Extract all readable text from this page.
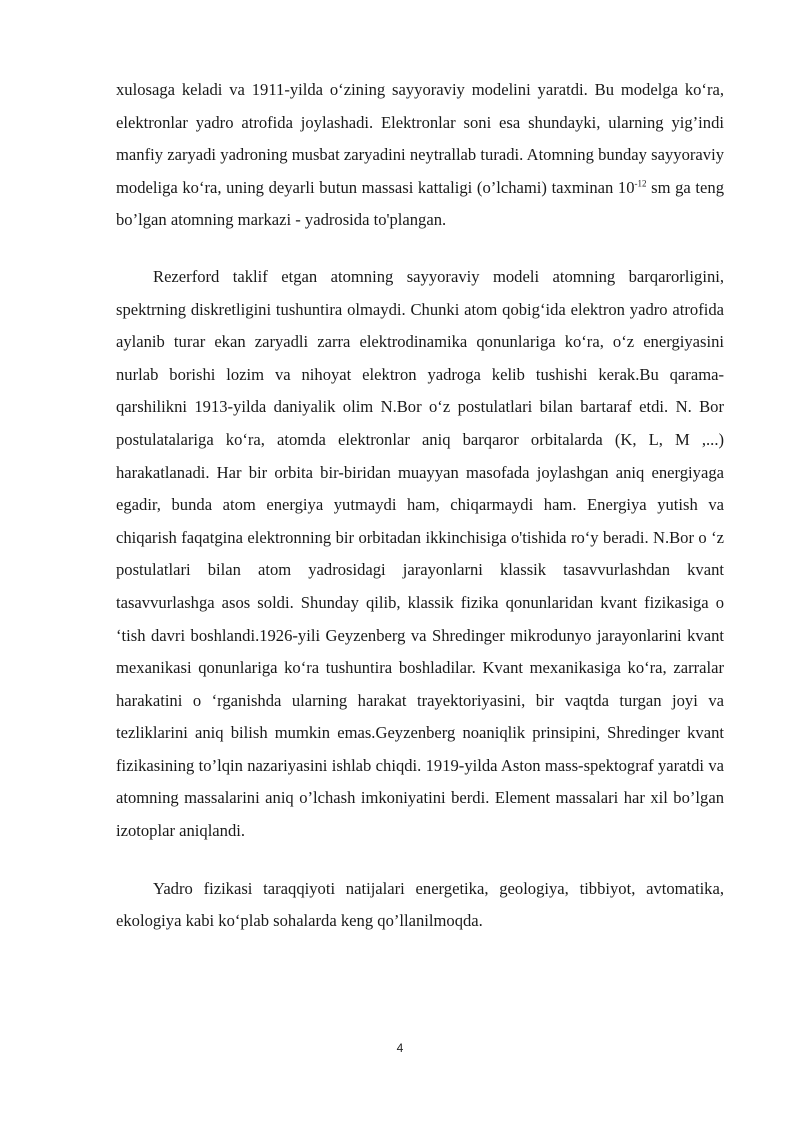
xulosaga keladi va 1911-yilda o‘zining sayyoraviy modelini yaratdi. Bu modelga ko‘ra, elektronlar yadro atrofida joylashadi. Elektronlar soni esa shundayki, ularning yig’indi manfiy zaryadi yadroning musbat zaryadini neytrallab turadi. Atomning bunday sayyoraviy modeliga ko‘ra, uning deyarli butun massasi kattaligi (o’lchami) taxminan $10^{-12}$ sm ga teng bo’lgan atomning markazi - yadrosida to'plangan.

Rezerford taklif etgan atomning sayyoraviy modeli atomning barqarorligini, spektrning diskretligini tushuntira olmaydi. Chunki atom qobig‘ida elektron yadro atrofida aylanib turar ekan zaryadli zarra elektrodinamika qonunlariga ko‘ra, o‘z energiyasini nurlab borishi lozim va nihoyat elektron yadroga kelib tushishi kerak.Bu qarama-qarshilikni 1913-yilda daniyalik olim N.Bor o‘z postulatlari bilan bartaraf etdi. N. Bor postulatalariga ko‘ra, atomda elektronlar aniq barqaror orbitalarda (K, L, M ,...) harakatlanadi. Har bir orbita bir-biridan muayyan masofada joylashgan aniq energiyaga egadir, bunda atom energiya yutmaydi ham, chiqarmaydi ham. Energiya yutish va chiqarish faqatgina elektronning bir orbitadan ikkinchisiga o'tishida ro‘y beradi. N.Bor o ‘z postulatlari bilan atom yadrosidagi jarayonlarni klassik tasavvurlashdan kvant tasavvurlashga asos soldi. Shunday qilib, klassik fizika qonunlaridan kvant fizikasiga o ‘tish davri boshlandi.1926-yili Geyzenberg va Shredinger mikrodunyo jarayonlarini kvant mexanikasi qonunlariga ko‘ra tushuntira boshladilar. Kvant mexanikasiga ko‘ra, zarralar harakatini o ‘rganishda ularning harakat trayektoriyasini, bir vaqtda turgan joyi va tezliklarini aniq bilish mumkin emas.Geyzenberg noaniqlik prinsipini, Shredinger kvant fizikasining to’lqin nazariyasini ishlab chiqdi. 1919-yilda Aston mass-spektograf yaratdi va atomning massalarini aniq o’lchash imkoniyatini berdi. Element massalari har xil bo’lgan izotoplar aniqlandi.

Yadro fizikasi taraqqiyoti natijalari energetika, geologiya, tibbiyot, avtomatika, ekologiya kabi ko‘plab sohalarda keng qo’llanilmoqda.

4
